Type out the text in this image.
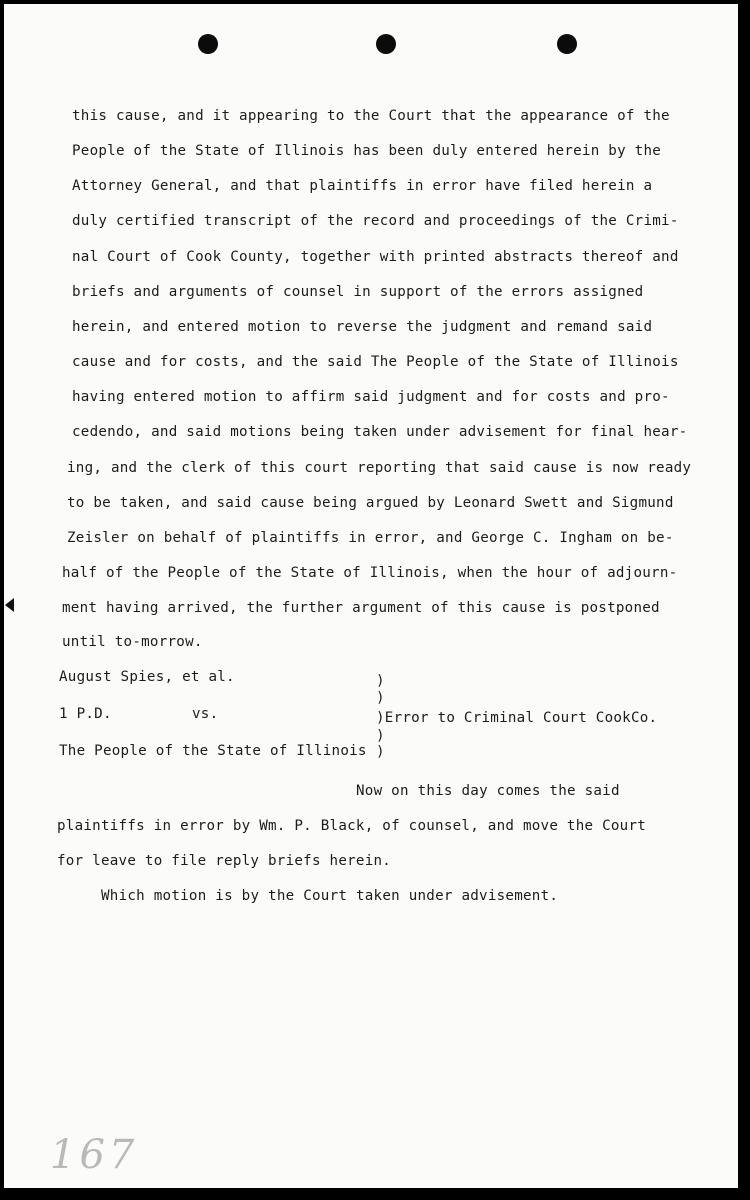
this cause, and it appearing to the Court that the appearance of the
People of the State of Illinois has been duly entered herein by the
Attorney General, and that plaintiffs in error have filed herein a
duly certified transcript of the record and proceedings of the Crimi-
nal Court of Cook County, together with printed abstracts thereof and
briefs and arguments of counsel in support of the errors assigned
herein, and entered motion to reverse the judgment and remand said
cause and for costs, and the said The People of the State of Illinois
having entered motion to affirm said judgment and for costs and pro-
cedendo, and said motions being taken under advisement for final hear-
ing, and the clerk of this court reporting that said cause is now ready
to be taken, and said cause being argued by Leonard Swett and Sigmund
Zeisler on behalf of plaintiffs in error, and George C. Ingham on be-
half of the People of the State of Illinois, when the hour of adjourn-
ment having arrived, the further argument of this cause is postponed
until to-morrow.
August Spies, et al.
1 P.D.	vs.
The People of the State of Illinois
)
)
)Error to Criminal Court CookCo.
)
)
Now on this day comes the said
plaintiffs in error by Wm. P. Black, of counsel, and move the Court
for leave to file reply briefs herein.
Which motion is by the Court taken under advisement.
167
